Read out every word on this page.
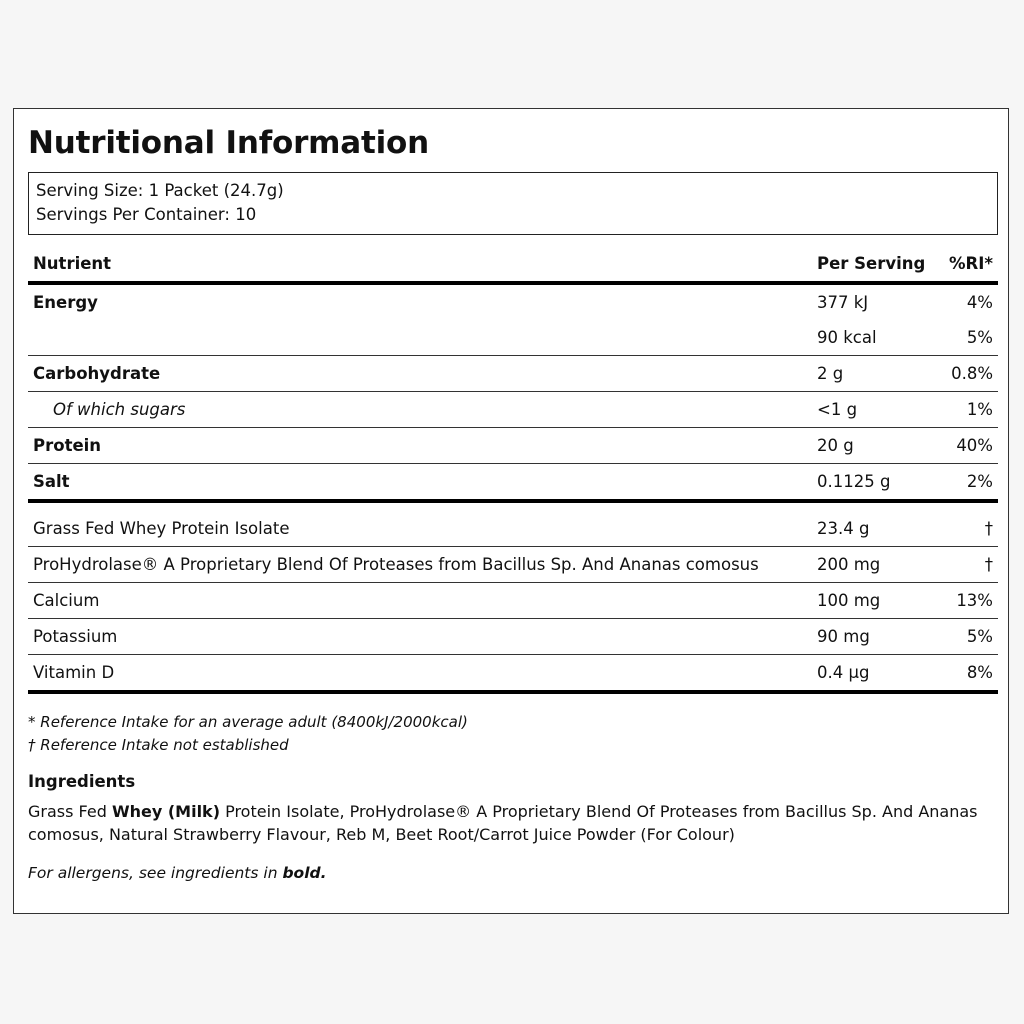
Nutritional Information
Serving Size: 1 Packet (24.7g)
Servings Per Container: 10
Nutrient	Per Serving	%RI*
Energy	377 kJ	4%
	90 kcal	5%
Carbohydrate	2 g	0.8%
Of which sugars	<1 g	1%
Protein	20 g	40%
Salt	0.1125 g	2%
Grass Fed Whey Protein Isolate	23.4 g	†
ProHydrolase® A Proprietary Blend Of Proteases from Bacillus Sp. And Ananas comosus	200 mg	†
Calcium	100 mg	13%
Potassium	90 mg	5%
Vitamin D	0.4 μg	8%
* Reference Intake for an average adult (8400kJ/2000kcal)
† Reference Intake not established
Ingredients
Grass Fed Whey (Milk) Protein Isolate, ProHydrolase® A Proprietary Blend Of Proteases from Bacillus Sp. And Ananas comosus, Natural Strawberry Flavour, Reb M, Beet Root/Carrot Juice Powder (For Colour)
For allergens, see ingredients in bold.
